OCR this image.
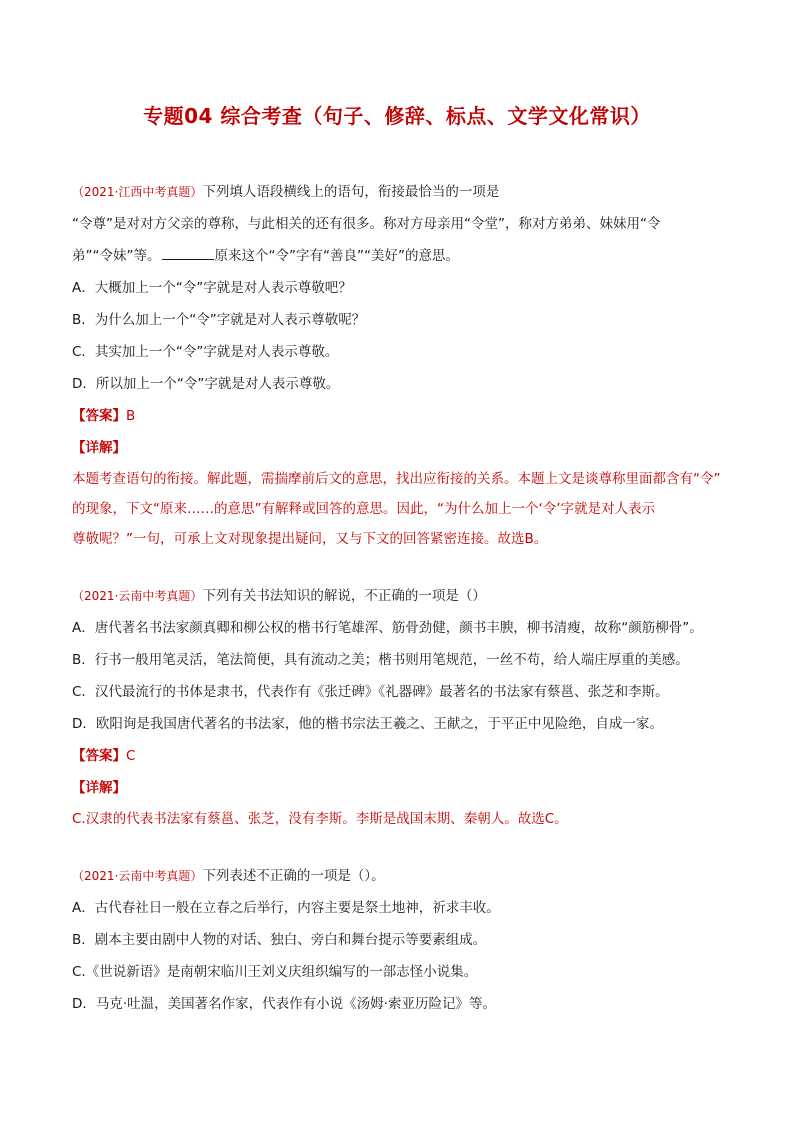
专题04 综合考查（句子、修辞、标点、文学文化常识）

（2021·江西中考真题）下列填人语段横线上的语句，衔接最恰当的一项是

“令尊”是对对方父亲的尊称，与此相关的还有很多。称对方母亲用“令堂”，称对方弟弟、妹妹用“令

弟”“令妹”等。	原来这个“令”字有“善良”“美好”的意思。

A．大概加上一个“令”字就是对人表示尊敬吧？

B．为什么加上一个“令”字就是对人表示尊敬呢？

C．其实加上一个“令”字就是对人表示尊敬。

D．所以加上一个“令”字就是对人表示尊敬。

【答案】B

【详解】

本题考查语句的衔接。解此题，需揣摩前后文的意思，找出应衔接的关系。本题上文是谈尊称里面都含有“令”

的现象，下文“原来……的意思”有解释或回答的意思。因此，“为什么加上一个‘令’字就是对人表示

尊敬呢？”一句，可承上文对现象提出疑问，又与下文的回答紧密连接。故选B。

（2021·云南中考真题）下列有关书法知识的解说，不正确的一项是（）

A．唐代著名书法家颜真卿和柳公权的楷书行笔雄浑、筋骨劲健，颜书丰腴，柳书清瘦，故称“颜筋柳骨”。

B．行书一般用笔灵活，笔法简便，具有流动之美；楷书则用笔规范，一丝不苟，给人端庄厚重的美感。

C．汉代最流行的书体是隶书，代表作有《张迁碑》《礼器碑》最著名的书法家有蔡邕、张芝和李斯。

D．欧阳询是我国唐代著名的书法家，他的楷书宗法王羲之、王献之，于平正中见险绝，自成一家。

【答案】C

【详解】

C.汉隶的代表书法家有蔡邕、张芝，没有李斯。李斯是战国末期、秦朝人。故选C。

（2021·云南中考真题）下列表述不正确的一项是（）。

A．古代春社日一般在立春之后举行，内容主要是祭土地神，祈求丰收。

B．剧本主要由剧中人物的对话、独白、旁白和舞台提示等要素组成。

C.《世说新语》是南朝宋临川王刘义庆组织编写的一部志怪小说集。

D．马克·吐温，美国著名作家，代表作有小说《汤姆·索亚历险记》等。
